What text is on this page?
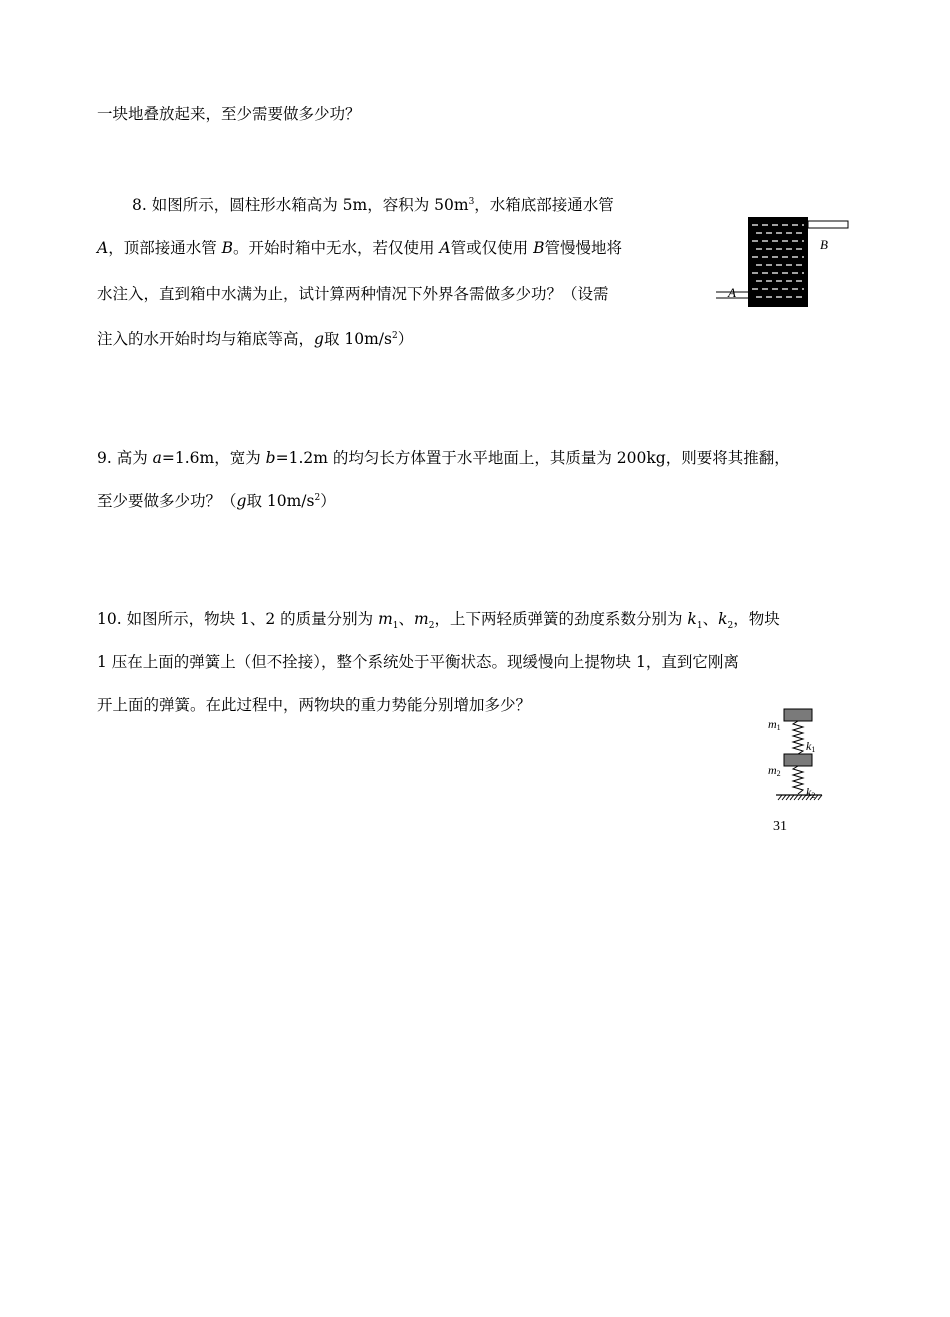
一块地叠放起来，至少需要做多少功？
8. 如图所示，圆柱形水箱高为 5m，容积为 $50m^3$，水箱底部接通水管
A，顶部接通水管 B。开始时箱中无水，若仅使用 A管或仅使用 B管慢慢地将
水注入，直到箱中水满为止，试计算两种情况下外界各需做多少功？（设需
注入的水开始时均与箱底等高，g取 $10m/s^2$）
B
A
9. 高为 a=1.6m，宽为 b=1.2m 的均匀长方体置于水平地面上，其质量为 200kg，则要将其推翻，
至少要做多少功？（g取 $10m/s^2$）
10. 如图所示，物块 1、2 的质量分别为 $m_1$、$m_2$，上下两轻质弹簧的劲度系数分别为 $k_1$、$k_2$，物块
1 压在上面的弹簧上（但不拴接），整个系统处于平衡状态。现缓慢向上提物块 1，直到它刚离
开上面的弹簧。在此过程中，两物块的重力势能分别增加多少？
m1
k1
m2
k2
31
